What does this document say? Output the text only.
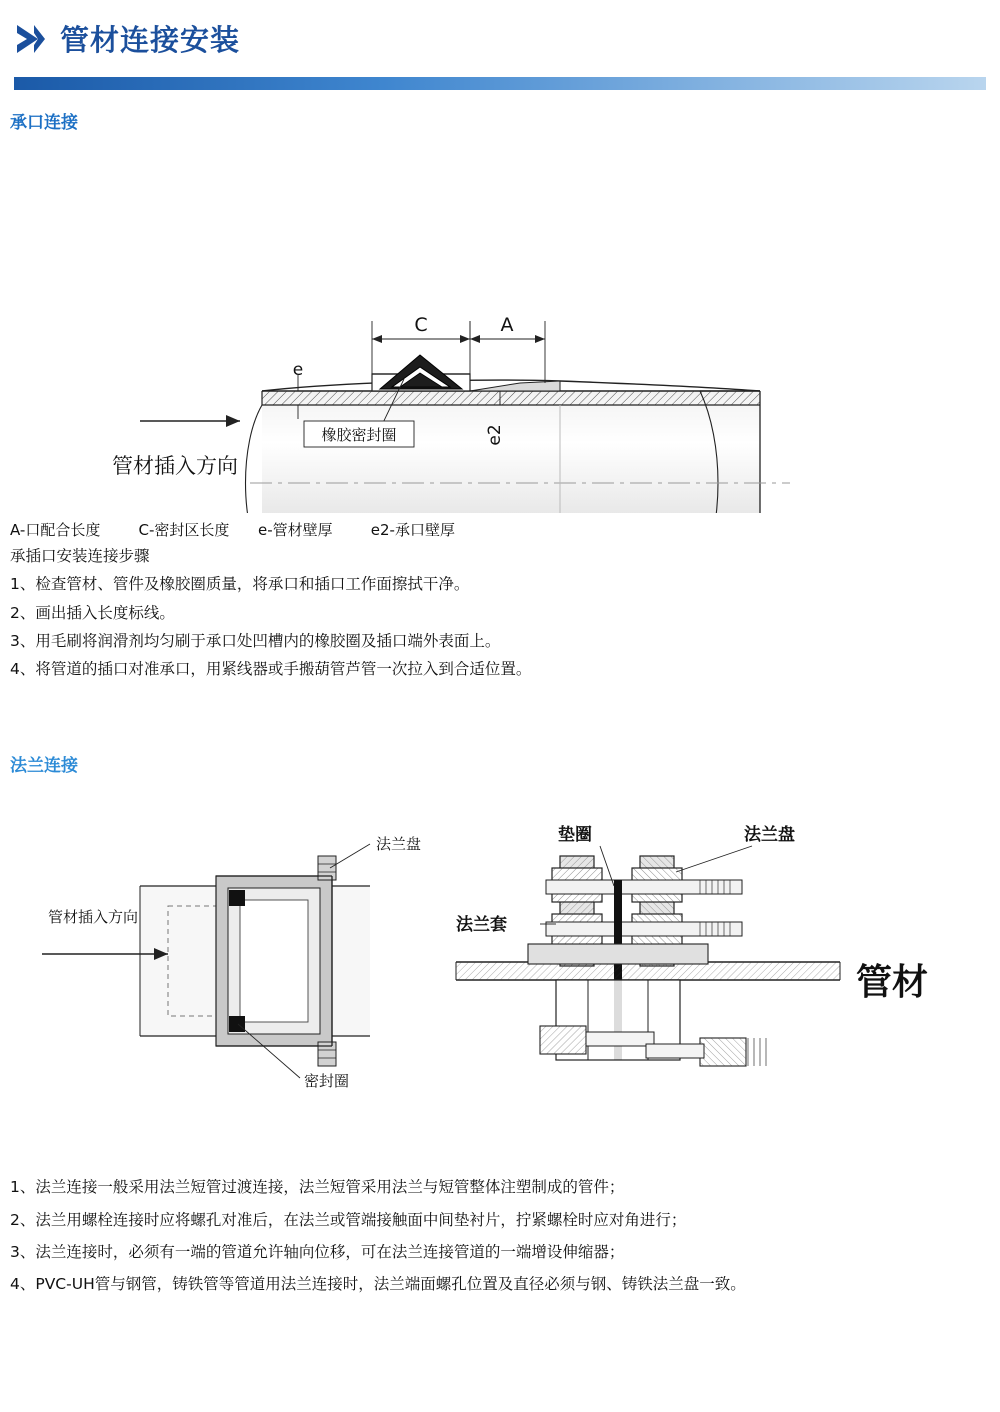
管材连接安装
承口连接
C	A
e
e2
橡胶密封圈
管材插入方向
A-口配合长度        C-密封区长度      e-管材壁厚        e2-承口壁厚

承插口安装连接步骤

1、检查管材、管件及橡胶圈质量，将承口和插口工作面擦拭干净。

2、画出插入长度标线。

3、用毛刷将润滑剂均匀刷于承口处凹槽内的橡胶圈及插口端外表面上。

4、将管道的插口对准承口，用紧线器或手搬葫管芦管一次拉入到合适位置。

法兰连接
法兰盘
密封圈
管材插入方向
垫圈	法兰盘
法兰套
管材

1、法兰连接一般采用法兰短管过渡连接，法兰短管采用法兰与短管整体注塑制成的管件；

2、法兰用螺栓连接时应将螺孔对准后，在法兰或管端接触面中间垫衬片，拧紧螺栓时应对角进行；

3、法兰连接时，必须有一端的管道允许轴向位移，可在法兰连接管道的一端增设伸缩器；

4、PVC-UH管与钢管，铸铁管等管道用法兰连接时，法兰端面螺孔位置及直径必须与钢、铸铁法兰盘一致。
